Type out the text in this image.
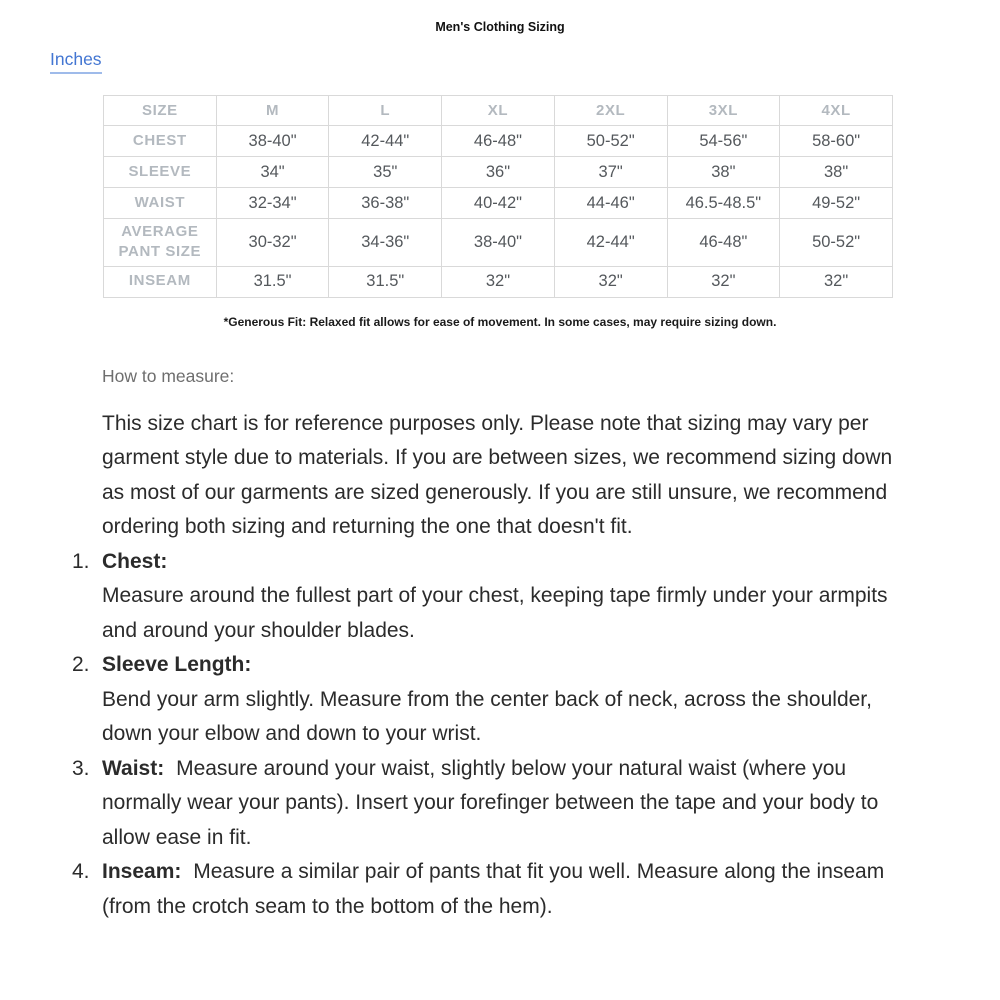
Men's Clothing Sizing
Inches
SIZE	M	L	XL	2XL	3XL	4XL
CHEST	38-40"	42-44"	46-48"	50-52"	54-56"	58-60"
SLEEVE	34"	35"	36"	37"	38"	38"
WAIST	32-34"	36-38"	40-42"	44-46"	46.5-48.5"	49-52"
AVERAGE PANT SIZE	30-32"	34-36"	38-40"	42-44"	46-48"	50-52"
INSEAM	31.5"	31.5"	32"	32"	32"	32"
*Generous Fit: Relaxed fit allows for ease of movement. In some cases, may require sizing down.
How to measure:

This size chart is for reference purposes only. Please note that sizing may vary per garment style due to materials. If you are between sizes, we recommend sizing down as most of our garments are sized generously. If you are still unsure, we recommend ordering both sizing and returning the one that doesn't fit.

1. Chest:
Measure around the fullest part of your chest, keeping tape firmly under your armpits and around your shoulder blades.
2. Sleeve Length:
Bend your arm slightly. Measure from the center back of neck, across the shoulder, down your elbow and down to your wrist.
3. Waist: Measure around your waist, slightly below your natural waist (where you normally wear your pants). Insert your forefinger between the tape and your body to allow ease in fit.
4. Inseam: Measure a similar pair of pants that fit you well. Measure along the inseam (from the crotch seam to the bottom of the hem).
